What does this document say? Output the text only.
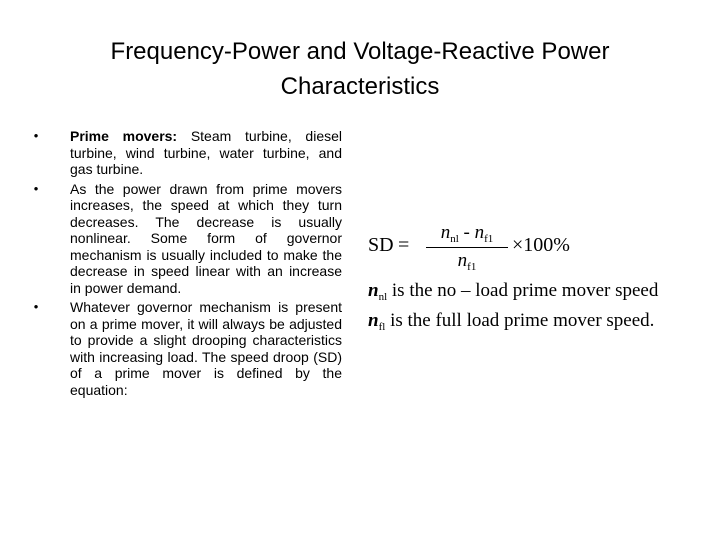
Frequency-Power and Voltage-Reactive Power
Characteristics
• Prime movers: Steam turbine, diesel turbine, wind turbine, water turbine, and gas turbine.
• As the power drawn from prime movers increases, the speed at which they turn decreases. The decrease is usually nonlinear. Some form of governor mechanism is usually included to make the decrease in speed linear with an increase in power demand.
• Whatever governor mechanism is present on a prime mover, it will always be adjusted to provide a slight drooping characteristics with increasing load. The speed droop (SD) of a prime mover is defined by the equation:
SD =
$n_{nl} - n_{f1}$
$n_{f1}$
×100%
$n_{nl}$ is the no – load prime mover speed
$n_{fl}$ is the full load prime mover speed.
